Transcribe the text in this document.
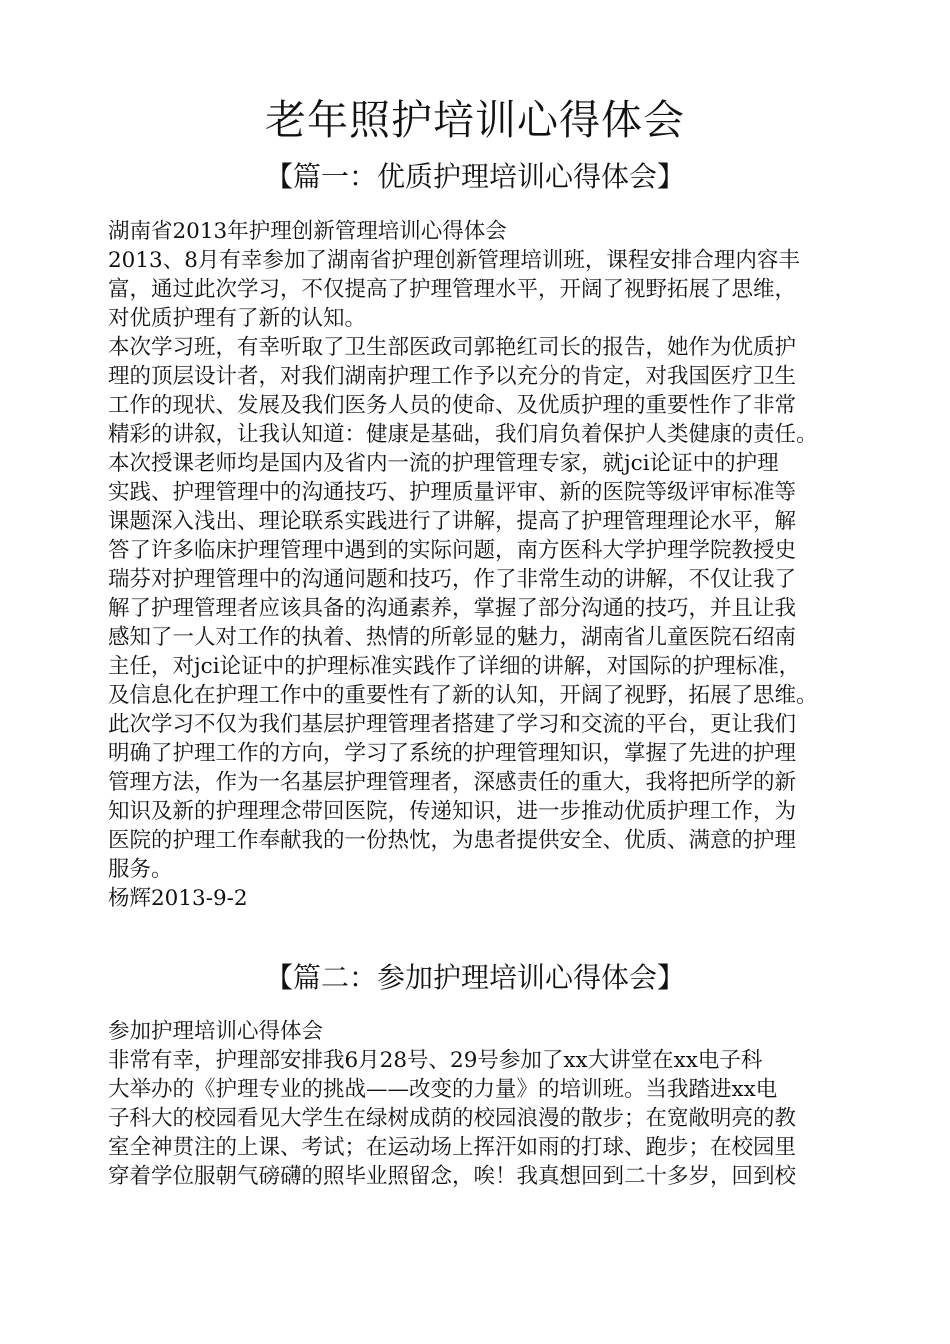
老年照护培训心得体会
【篇一：优质护理培训心得体会】
湖南省2013年护理创新管理培训心得体会
2013、8月有幸参加了湖南省护理创新管理培训班，课程安排合理内容丰
富，通过此次学习，不仅提高了护理管理水平，开阔了视野拓展了思维，
对优质护理有了新的认知。
本次学习班，有幸听取了卫生部医政司郭艳红司长的报告，她作为优质护
理的顶层设计者，对我们湖南护理工作予以充分的肯定，对我国医疗卫生
工作的现状、发展及我们医务人员的使命、及优质护理的重要性作了非常
精彩的讲叙，让我认知道：健康是基础，我们肩负着保护人类健康的责任。
本次授课老师均是国内及省内一流的护理管理专家，就jci论证中的护理
实践、护理管理中的沟通技巧、护理质量评审、新的医院等级评审标准等
课题深入浅出、理论联系实践进行了讲解，提高了护理管理理论水平，解
答了许多临床护理管理中遇到的实际问题，南方医科大学护理学院教授史
瑞芬对护理管理中的沟通问题和技巧，作了非常生动的讲解，不仅让我了
解了护理管理者应该具备的沟通素养，掌握了部分沟通的技巧，并且让我
感知了一人对工作的执着、热情的所彰显的魅力，湖南省儿童医院石绍南
主任，对jci论证中的护理标准实践作了详细的讲解，对国际的护理标准，
及信息化在护理工作中的重要性有了新的认知，开阔了视野，拓展了思维。
此次学习不仅为我们基层护理管理者搭建了学习和交流的平台，更让我们
明确了护理工作的方向，学习了系统的护理管理知识，掌握了先进的护理
管理方法，作为一名基层护理管理者，深感责任的重大，我将把所学的新
知识及新的护理理念带回医院，传递知识，进一步推动优质护理工作，为
医院的护理工作奉献我的一份热忱，为患者提供安全、优质、满意的护理
服务。
杨辉2013-9-2
【篇二：参加护理培训心得体会】
参加护理培训心得体会
非常有幸，护理部安排我6月28号、29号参加了xx大讲堂在xx电子科
大举办的《护理专业的挑战——改变的力量》的培训班。当我踏进xx电
子科大的校园看见大学生在绿树成荫的校园浪漫的散步；在宽敞明亮的教
室全神贯注的上课、考试；在运动场上挥汗如雨的打球、跑步；在校园里
穿着学位服朝气磅礴的照毕业照留念，唉！我真想回到二十多岁，回到校
